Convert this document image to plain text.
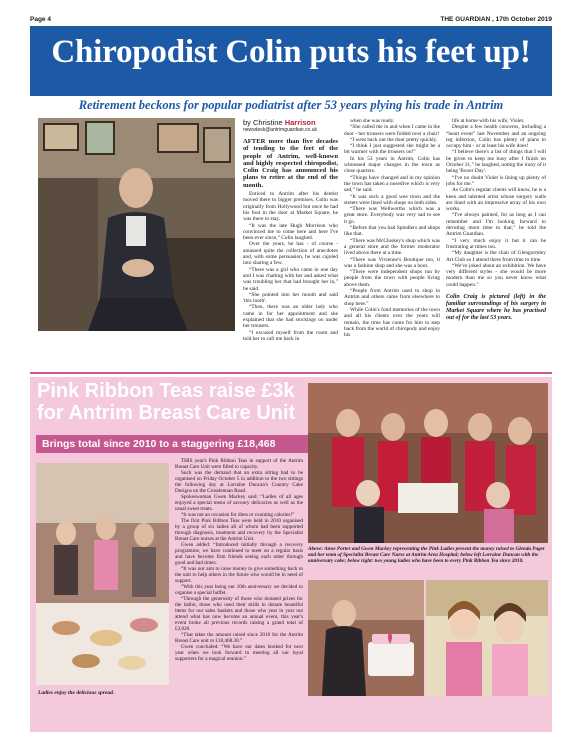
Page 4	THE GUARDIAN , 17th October 2019
Chiropodist Colin puts his feet up!
Retirement beckons for popular podiatrist after 53 years plying his trade in Antrim
by Christine Harrison
newsdesk@antrimguardian.co.uk

AFTER more than five decades of tending to the feet of the people of Antrim, well-known and highly respected chiropodist, Colin Craig has announced his plans to retire at the end of the month.

Enticed to Antrim after his dentist moved there to bigger premises, Colin was originally from Hollywood but once he had his foot in the door at Market Square, he was there to stay.

“It was the late Hugh Morrison who convinced me to come here and here I've been ever since,” Colin laughed.

Over the years, he has - of course - amassed quite the collection of anecdotes and, with some persuasion, he was cajoled into sharing a few.

“There was a girl who came in one day and I was chatting with her and asked what was troubling her that had brought her in,” he said.

“She pointed into her mouth and said 'this tooth'.

“Then, there was an older lady who came in for her appointment and she explained that she had stockings on under her trousers.

“I excused myself from the room and told her to call me back in

when she was ready.

“She called me in and when I came in the door - her trousers were folded over a chair!

“I went back out the door pretty quickly.

“I think I just suggested she might be a bit warmer with the trousers on!”

In his 53 years in Antrim, Colin has witnessed major changes in the town as close quarters.

“Things have changed and in my opinion the town has taken a nosedive which is very sad,” he said.

“It was such a good wee town and the streets were lined with shops on both sides.

“There was Wellworths which was a great store. Everybody was very sad to see it go.

“Before that you had Spindlers and shops like that.

“There was McCluskey's shop which was a general store and the former moderator lived above there at a time.

“There was Vivienne's Boutique too, it was a fashion shop and she was a hoot.

“There were independent shops run by people from the town with people living above them.

“People from Antrim used to shop in Antrim and others came from elsewhere to shop here.”

While Colin's fond memories of the town and all his clients over the years will remain, the time has come for him to step back from the world of chiropody and enjoy his

life at home with his wife, Violet.

Despite a few health concerns, including a “heart event” last November and an ongoing leg infection, Colin has plenty of plans to occupy him - or at least his wife does!

“I believe there's a list of things that I will be given to keep me busy after I finish on October 31,” he laughed, noting the irony of it being 'Boxer Day'.

“I've no doubt Violet is lining up plenty of jobs for me.”

As Colin's regular clients will know, he is a keen and talented artist whose surgery walls are lined with an impressive array of his own works.

“I've always painted, for as long as I can remember and I'm looking forward to devoting more time to that,” he told the Antrim Guardian.

“I very much enjoy it but it can be frustrating at times too.

“My daughter is the chair of Glengormley Art Club so I attend there from time to time.

“We've joked about an exhibition. We have very different styles - she would be more modern than me so you never know what could happen.”

Colin Craig is pictured (left) in the familiar surroundings of his surgery in Market Square where he has practised out of for the last 53 years.

Pink Ribbon Teas raise £3k for Antrim Breast Care Unit
Brings total since 2010 to a staggering £18,468
Above: Anne Porter and Gwen Mackey representing the Pink Ladies present the money raised to Glenda Paget and her team of Specialist Breast Care Nurse at Antrim Area Hospital; below left Lorraine Duncan with the anniversary cake; below right: two young ladies who have been to every Pink Ribbon Tea since 2010.
Ladies enjoy the delicious spread.

THIS year's Pink Ribbon Teas in support of the Antrim Breast Care Unit were filled to capacity.

Such was the demand that an extra sitting had to be organised on Friday October 5 in addition to the two sittings the following day at Lorraine Duncan's Country Cake Designs on the Crosslennan Road.

Spokeswoman Gwen Mackey said: “Ladies of all ages enjoyed a special menu of savoury delicacies as well as the usual sweet treats.

“It was not an occasion for diets or counting calories!”

The first Pink Ribbon Teas were held in 2010 organised by a group of six ladies all of whom had been supported through diagnosis, treatment and recovery by the Specialist Breast Care nurses at the Antrim Unit.

Gwen added: “Introduced initially through a recovery programme, we have continued to meet on a regular basis and have become firm friends seeing each other through good and bad times.

“It was our aim to raise money to give something back to the unit to help others in the future who would be in need of support.

“With this year being our 10th anniversary we decided to organise a special buffet.

“Through the generosity of those who donated prizes for the ballot, those who used their skills to donate beautiful items for our sales baskets and those who year in year out attend what has now become an annual event, this year's event broke all previous records raising a grand total of £3,020.

“That takes the amount raised since 2010 for the Antrim Breast Care unit to £18,468.38.”

Gwen concluded: “We have our dates booked for next year when we look forward to meeting all our loyal supporters for a magical reunion.”
